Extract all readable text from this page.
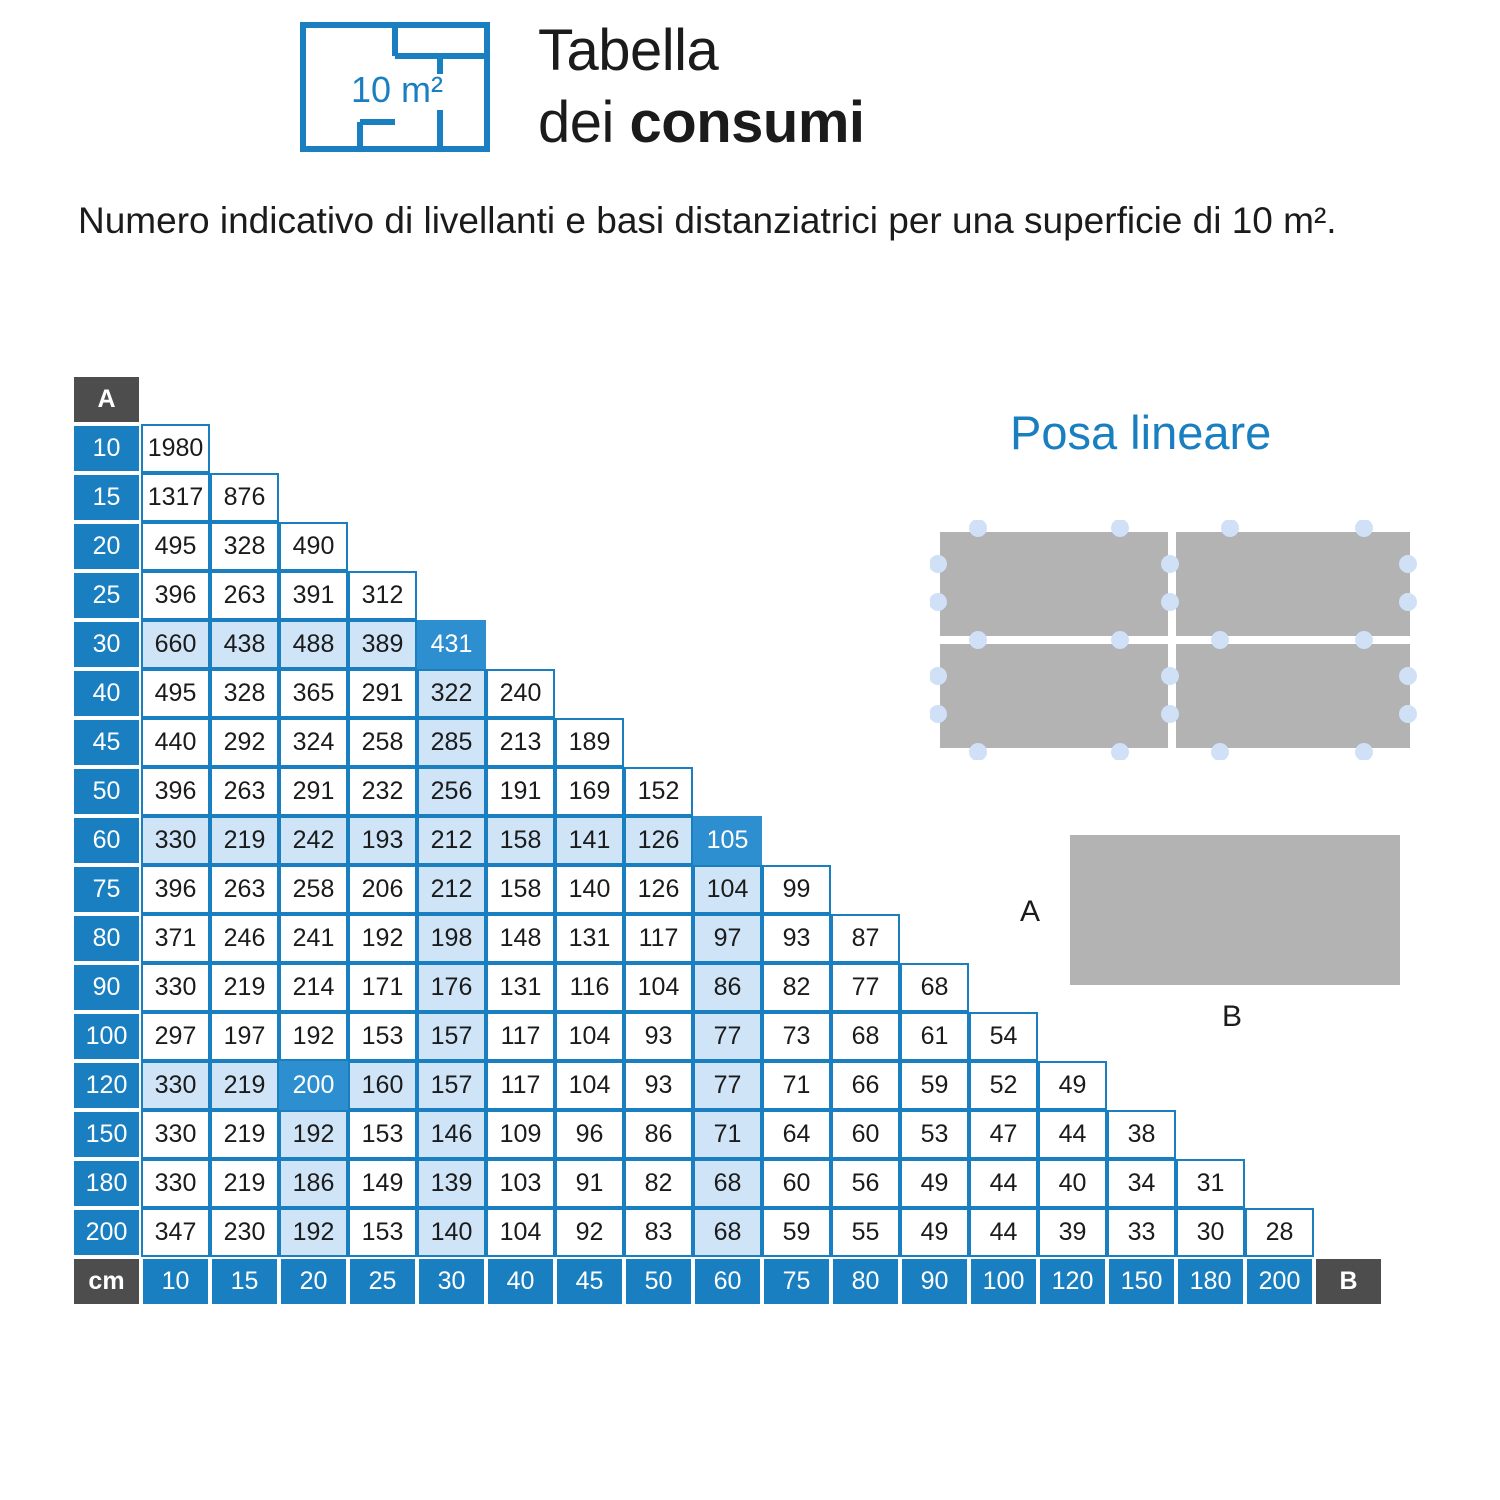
10 m²
Tabella
dei consumi
Numero indicativo di livellanti e basi distanziatrici per una superficie di 10 m².
Posa lineare
A
B
A																		
10	1980																	
15	1317	876																
20	495	328	490															
25	396	263	391	312														
30	660	438	488	389	431													
40	495	328	365	291	322	240												
45	440	292	324	258	285	213	189											
50	396	263	291	232	256	191	169	152										
60	330	219	242	193	212	158	141	126	105									
75	396	263	258	206	212	158	140	126	104	99								
80	371	246	241	192	198	148	131	117	97	93	87							
90	330	219	214	171	176	131	116	104	86	82	77	68						
100	297	197	192	153	157	117	104	93	77	73	68	61	54					
120	330	219	200	160	157	117	104	93	77	71	66	59	52	49				
150	330	219	192	153	146	109	96	86	71	64	60	53	47	44	38			
180	330	219	186	149	139	103	91	82	68	60	56	49	44	40	34	31		
200	347	230	192	153	140	104	92	83	68	59	55	49	44	39	33	30	28	
cm	10	15	20	25	30	40	45	50	60	75	80	90	100	120	150	180	200	B
